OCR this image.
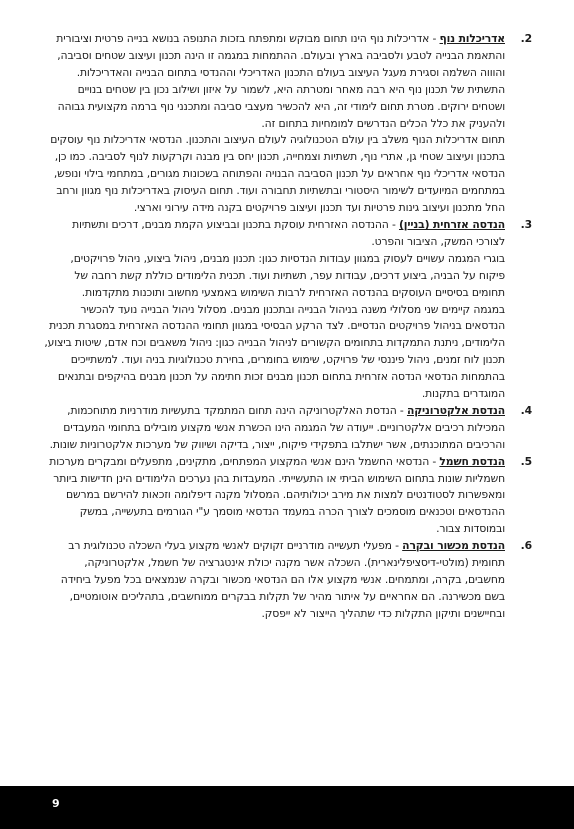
.2

אדריכלות נוף - אדריכלות נוף הינו תחום מבוקש ומתפתח בזכות התנופה בנושא בנייה פרטית וציבורית והתאמת הבנייה לטבע ולסביבה בארץ ובעולם. ההתמחות במגמה זו הינה תכנון ועיצוב שטחים וסביבה, והוווה השלמה וסגירת מעגל העיצוב בעולם התכנון האדריכלי וההנדסי בתחום הבנייה והאדריכלות. התשתית של תכנון נוף היא רבה מאחר ומטרתה היא, לשמור על איזון ושילוב נכון בין שטחים בנויים ושטחים ירוקים. מטרת תחום לימודי זה, היא להכשיר מעצבי סביבה ומתכנני נוף ברמה מקצועית גבוהה ולהעניק את כלל הכלים הנדרשים למומחיות בתחום זה.

תחום אדריכלות הנוף משלב בין עולם הטכנולוגיה לעולם העיצוב והתכנון. הנדסאי אדריכלות נוף עוסקים בתכנון ועיצוב שטחי גן, אתרי נוף, תשתיות וצמחייה, תכנון יחס בין מבנה וקרקעות לנוף לסביבה. כמו כן, הנדסאי אדריכלי נוף אחראים על תכנון הסביבה הבנויה והפתוחה בשכונות מגורים, במתחמי בילוי ונופש, במתחמים המיועדים לשימור היסטורי ובתשתיות תחבורה ועוד. תחום העיסוק באדריכלות נוף מגוון ורחב החל מתכנון ועיצוב גינות פרטיות ועד תכנון ועיצוב פרויקטים בקנה מידה עירוני וארצי.

.3

הנדסה אזרחית (בניין) - ההנדסה האזרחית עוסקת בתכנון ובביצוע הקמת מבנים, דרכים ותשתיות לצורכי המשק, הציבור והפרט.

בוגרי המגמה עשויים לעסוק במגוון עבודות הנדסיות כגון: תכנון מבנים, ניהול ביצוע, ניהול פרויקטים, פיקוח על הבניה, ביצוע דרכים, עבודות עפר, תשתיות ועוד. תכנית הלימודים כוללת קשת רחבה של תחומים בסיסיים העוסקים בהנדסה האזרחית לרבות השימוש באמצעי מחשוב ותוכנות מתקדמות.

במגמה קיימים שני מסלולי משנה בניהול הבנייה ובתכנון מבנים. מסלול ניהול הבנייה נועד להכשיר הנדסאים בניהול פרויקטים הנדסיים. לצד הרקע הבסיסי במגוון תחומי ההנדסה האזרחית במסגרת תכנית הלימודים, ניתנת התמקדות בתחומים הקשורים לניהול הבנייה כגון: ניהול משאבים וכח אדם, שיטות ביצוע, תכנון לוח זמנים, ניהול פיננסי של פרויקט, שימוש בחומרים, בחירת טכנולוגיות בניה ועוד. למשתייכים בהתמחות הנדסאי הנדסה אזרחית בתחום תכנון מבנים זכות חתימה על תכנון מבנים בהיקפים ובתנאים המוגדרים בתקנות.

.4

הנדסת אלקטרוניקה - הנדסת האלקטרוניקה הינה תחום המתמקד בתעשיות מודרניות מתוחכמות, המכילות רכיבים אלקטרוניים. ייעודה של המגמה הינו הכשרת אנשי מקצוע מובילים בתחומי המעבדים והרכיבים המתוכנתים, אשר ישתלבו בתפקידי פיקוח, ייצור, בדיקה ושיווק של מערכות אלקטרוניות שונות.

.5

הנדסת חשמל - הנדסאי החשמל הינם אנשי המקצוע המפתחים, מתקינים, מתפעלים ומבקרים מערכות חשמליות שונות בתחום השימוש הביתי או התעשייתי. המעבדות בהן נערכים הלימודים הינן חדישות ביותר ומאפשרות לסטודנטים למצות את מירב יכולותיהם. המסלול מקנה דיפלומה וזכאות להירשם במרשם ההנדסאים וטכנאים מוסמכים לצורך הכרה במעמד הנדסאי מוסמך ע"י הגורמים בתעשייה, במשק ובמוסדות צבור.

.6

הנדסת מכשור ובקרה - מפעלי תעשייה מודרניים זקוקים לאנשי מקצוע בעלי השכלה טכנולוגית רב תחומית (מולטי-דיסציפלינארית). השכלה אשר מקנה יכולת אינטגרציה של חשמל, אלקטרוניקה, מחשבים, בקרה, ומתמחים. אנשי מקצוע אלו הם הנדסאי מכשור ובקרה שנמצאים בכל מפעל ביחידה בשם מכשירנה. הם אחראיים על איתור מהיר של תקלות בבקרים ממוחשבים, בתהליכים אוטומטיים, ובחיישנים ותיקון התקלות כדי שתהליך הייצור לא ייפסק.

9
